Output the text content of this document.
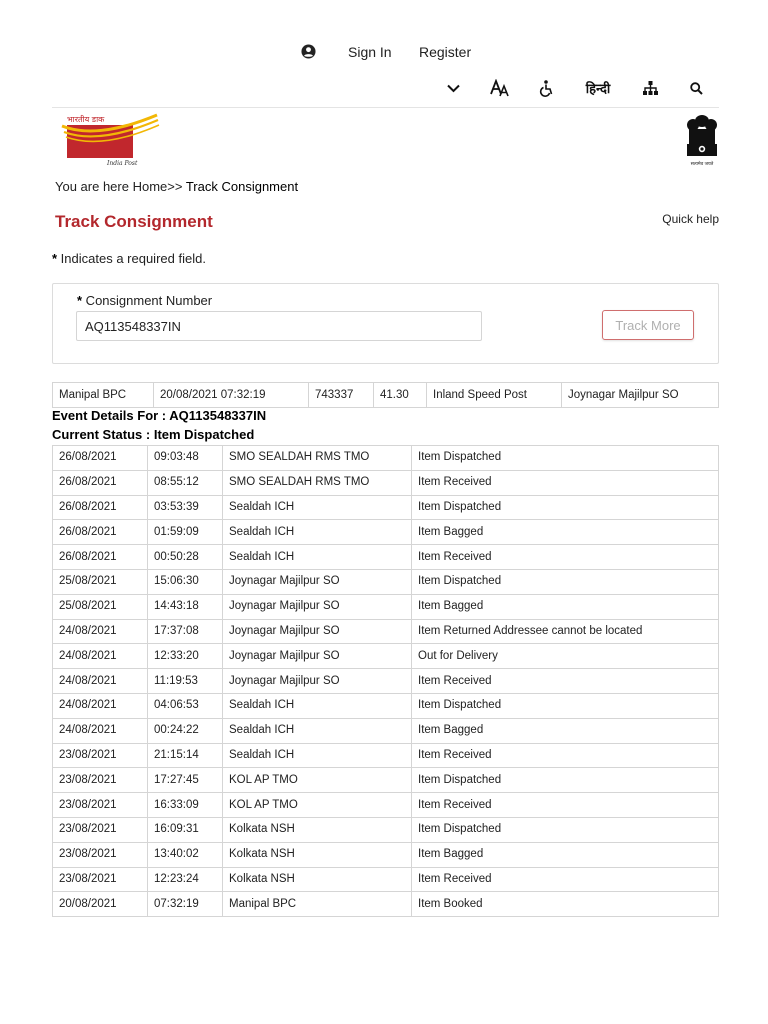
Sign In Register
हिन्दी
भारतीय डाक
India Post	सत्यमेव जयते
You are here Home>> Track Consignment
Track Consignment	Quick help
* Indicates a required field.
* Consignment Number
AQ113548337IN
Track More
Manipal BPC	20/08/2021 07:32:19	743337	41.30	Inland Speed Post	Joynagar Majilpur SO
Event Details For : AQ113548337IN
Current Status : Item Dispatched
26/08/2021	09:03:48	SMO SEALDAH RMS TMO	Item Dispatched
26/08/2021	08:55:12	SMO SEALDAH RMS TMO	Item Received
26/08/2021	03:53:39	Sealdah ICH	Item Dispatched
26/08/2021	01:59:09	Sealdah ICH	Item Bagged
26/08/2021	00:50:28	Sealdah ICH	Item Received
25/08/2021	15:06:30	Joynagar Majilpur SO	Item Dispatched
25/08/2021	14:43:18	Joynagar Majilpur SO	Item Bagged
24/08/2021	17:37:08	Joynagar Majilpur SO	Item Returned Addressee cannot be located
24/08/2021	12:33:20	Joynagar Majilpur SO	Out for Delivery
24/08/2021	11:19:53	Joynagar Majilpur SO	Item Received
24/08/2021	04:06:53	Sealdah ICH	Item Dispatched
24/08/2021	00:24:22	Sealdah ICH	Item Bagged
23/08/2021	21:15:14	Sealdah ICH	Item Received
23/08/2021	17:27:45	KOL AP TMO	Item Dispatched
23/08/2021	16:33:09	KOL AP TMO	Item Received
23/08/2021	16:09:31	Kolkata NSH	Item Dispatched
23/08/2021	13:40:02	Kolkata NSH	Item Bagged
23/08/2021	12:23:24	Kolkata NSH	Item Received
20/08/2021	07:32:19	Manipal BPC	Item Booked
